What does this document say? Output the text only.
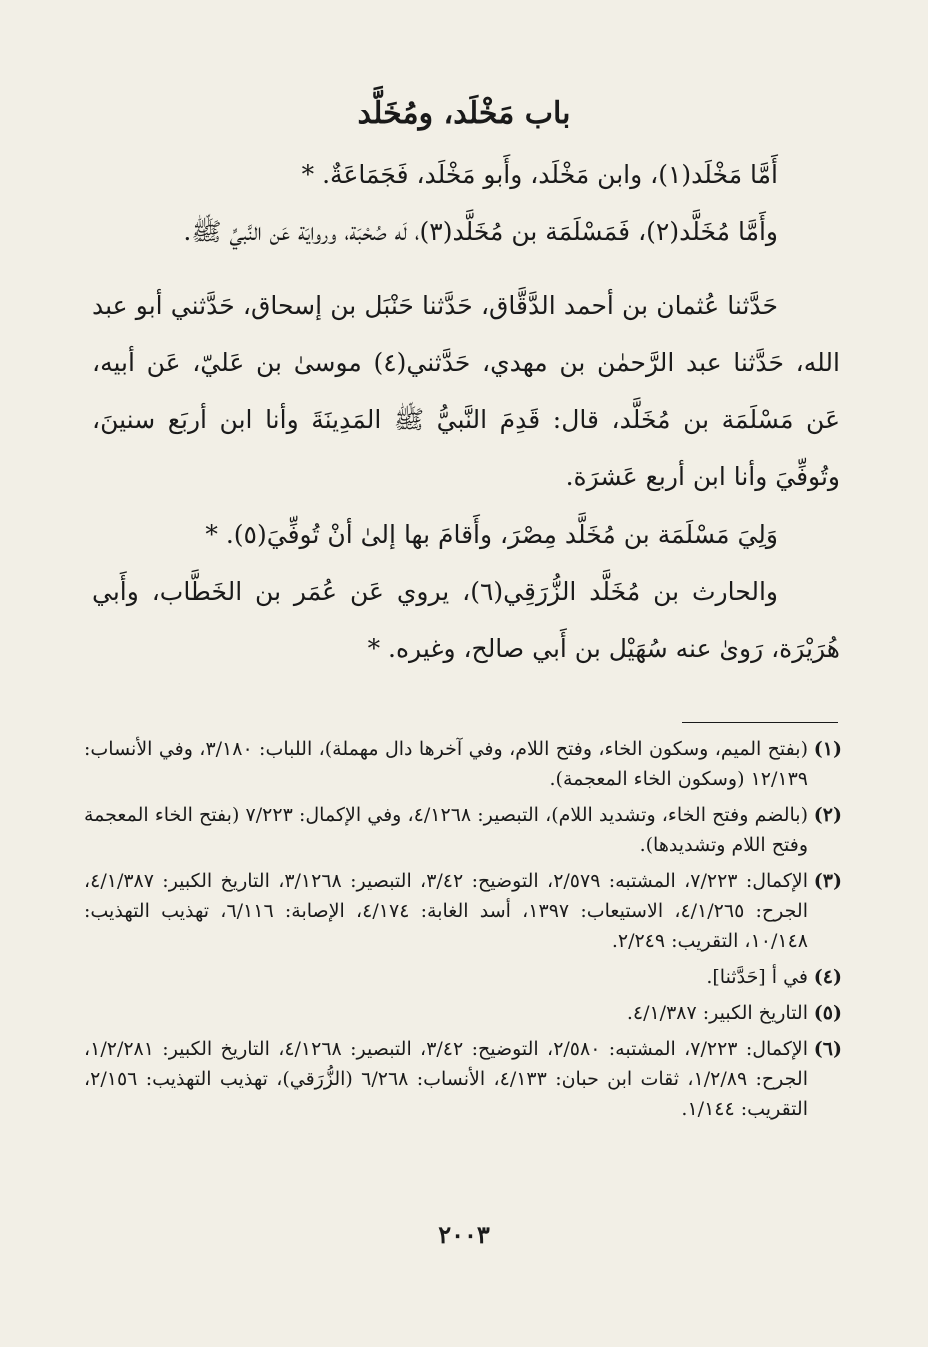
باب مَخْلَد، ومُخَلَّد

أَمَّا مَخْلَد(١)، وابن مَخْلَد، وأَبو مَخْلَد، فَجَمَاعَةٌ. *

وأَمَّا مُخَلَّد(٢)، فَمَسْلَمَة بن مُخَلَّد(٣)، لَه صُحْبَة، وروايَة عَن النَّبيِّ ﷺ.

حَدَّثنا عُثمان بن أحمد الدَّقَّاق، حَدَّثنا حَنْبَل بن إسحاق، حَدَّثني أبو عبد الله، حَدَّثنا عبد الرَّحمٰن بن مهدي، حَدَّثني(٤) موسىٰ بن عَليّ، عَن أبيه، عَن مَسْلَمَة بن مُخَلَّد، قال: قَدِمَ النَّبيُّ ﷺ المَدِينَةَ وأنا ابن أربَع سنينَ، وتُوفِّيَ وأنا ابن أربع عَشرَة.

وَلِيَ مَسْلَمَة بن مُخَلَّد مِصْرَ، وأَقامَ بها إلىٰ أنْ تُوفِّيَ(٥). *

والحارث بن مُخَلَّد الزُّرَقِي(٦)، يروي عَن عُمَر بن الخَطَّاب، وأَبي هُرَيْرَة، رَوىٰ عنه سُهَيْل بن أَبي صالح، وغيره. *

(١)
(بفتح الميم، وسكون الخاء، وفتح اللام، وفي آخرها دال مهملة)، اللباب: ٣/١٨٠، وفي الأنساب: ١٢/١٣٩ (وسكون الخاء المعجمة).
(٢)
(بالضم وفتح الخاء، وتشديد اللام)، التبصير: ٤/١٢٦٨، وفي الإكمال: ٧/٢٢٣ (بفتح الخاء المعجمة وفتح اللام وتشديدها).
(٣)
الإكمال: ٧/٢٢٣، المشتبه: ٢/٥٧٩، التوضيح: ٣/٤٢، التبصير: ٣/١٢٦٨، التاريخ الكبير: ٤/١/٣٨٧، الجرح: ٤/١/٢٦٥، الاستيعاب: ١٣٩٧، أسد الغابة: ٤/١٧٤، الإصابة: ٦/١١٦، تهذيب التهذيب: ١٠/١٤٨، التقريب: ٢/٢٤٩.
(٤)
في أ [حَدَّثنا].
(٥)
التاريخ الكبير: ٤/١/٣٨٧.
(٦)
الإكمال: ٧/٢٢٣، المشتبه: ٢/٥٨٠، التوضيح: ٣/٤٢، التبصير: ٤/١٢٦٨، التاريخ الكبير: ١/٢/٢٨١، الجرح: ١/٢/٨٩، ثقات ابن حبان: ٤/١٣٣، الأنساب: ٦/٢٦٨ (الزُّرَقي)، تهذيب التهذيب: ٢/١٥٦، التقريب: ١/١٤٤.
٢٠٠٣
